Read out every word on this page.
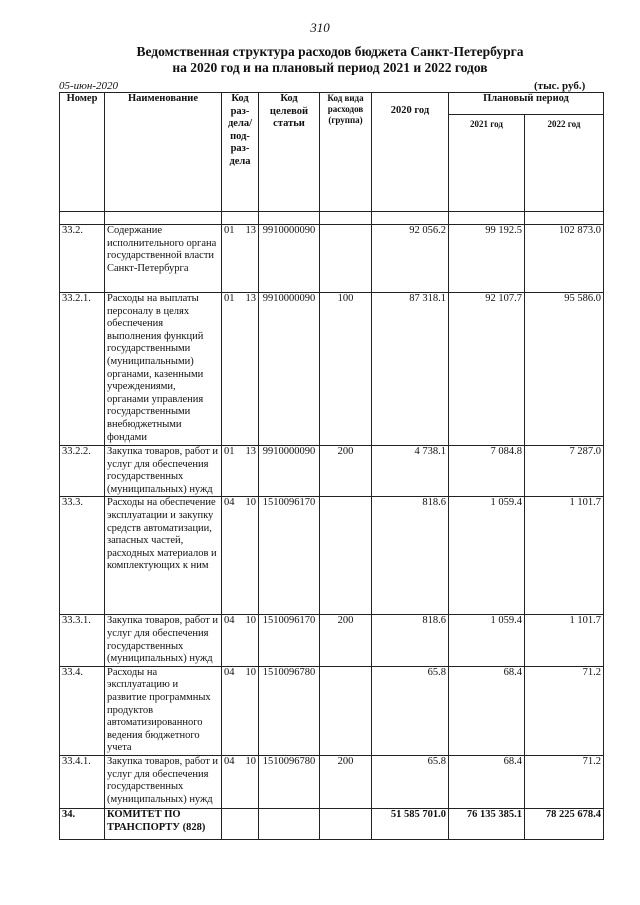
310
Ведомственная структура расходов бюджета Санкт-Петербурга
на 2020 год и на плановый период 2021 и 2022 годов
05-июн-2020	(тыс. руб.)
Номер	Наименование	Код раз- дела/ под- раз- дела	Код целевой статьи	Код вида расходов (группа)	2020 год	Плановый период	
						2021 год	2022 год

33.2.	Содержание исполнительного органа государственной власти Санкт-Петербурга	01 13	9910000090		92 056.2	99 192.5	102 873.0
33.2.1.	Расходы на выплаты персоналу в целях обеспечения выполнения функций государственными (муниципальными) органами, казенными учреждениями, органами управления государственными внебюджетными фондами	01 13	9910000090	100	87 318.1	92 107.7	95 586.0
33.2.2.	Закупка товаров, работ и услуг для обеспечения государственных (муниципальных) нужд	01 13	9910000090	200	4 738.1	7 084.8	7 287.0
33.3.	Расходы на обеспечение эксплуатации и закупку средств автоматизации, запасных частей, расходных материалов и комплектующих к ним	04 10	1510096170		818.6	1 059.4	1 101.7
33.3.1.	Закупка товаров, работ и услуг для обеспечения государственных (муниципальных) нужд	04 10	1510096170	200	818.6	1 059.4	1 101.7
33.4.	Расходы на эксплуатацию и развитие программных продуктов автоматизированного ведения бюджетного учета	04 10	1510096780		65.8	68.4	71.2
33.4.1.	Закупка товаров, работ и услуг для обеспечения государственных (муниципальных) нужд	04 10	1510096780	200	65.8	68.4	71.2
34.	КОМИТЕТ ПО ТРАНСПОРТУ (828)				51 585 701.0	76 135 385.1	78 225 678.4
